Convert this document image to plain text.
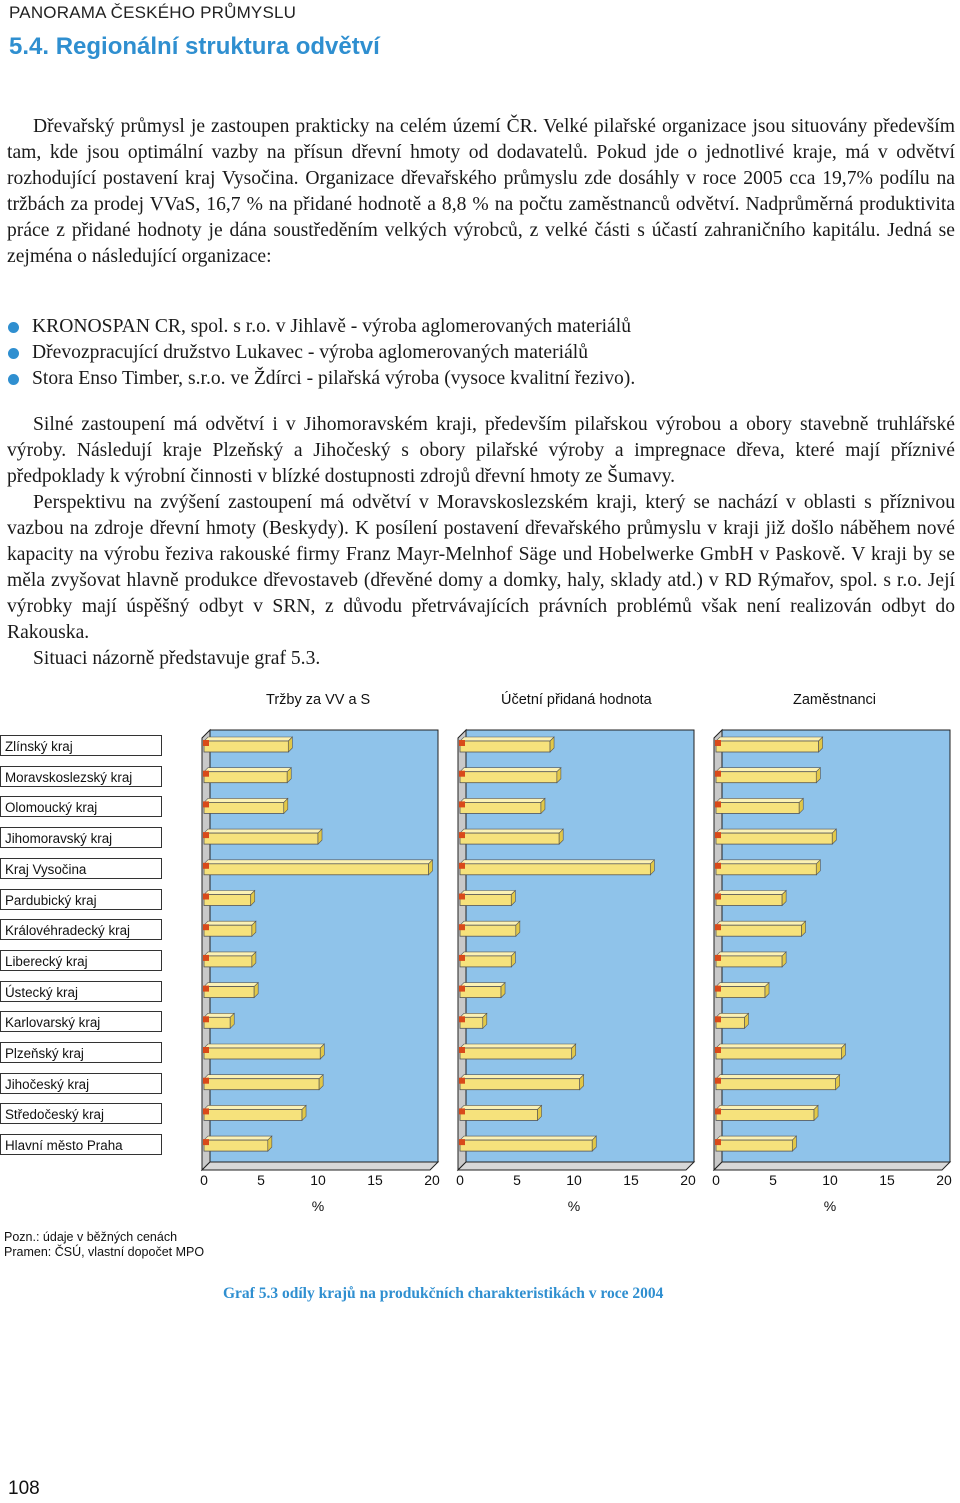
PANORAMA ČESKÉHO PRŮMYSLU
5.4. Regionální struktura odvětví

Dřevařský průmysl je zastoupen prakticky na celém území ČR. Velké pilařské organizace jsou situovány především tam, kde jsou optimální vazby na přísun dřevní hmoty od dodavatelů. Pokud jde o jednotlivé kraje, má v odvětví rozhodující postavení kraj Vysočina. Organizace dřevařského průmyslu zde dosáhly v roce 2005 cca 19,7% podílu na tržbách za prodej VVaS, 16,7 % na přidané hodnotě a 8,8 % na počtu zaměstnanců odvětví. Nadprůměrná produktivita práce z přidané hodnoty je dána soustředěním velkých výrobců, z velké části s účastí zahraničního kapitálu. Jedná se zejména o následující organizace:

KRONOSPAN CR, spol. s r.o. v Jihlavě - výroba aglomerovaných materiálů
Dřevozpracující družstvo Lukavec - výroba aglomerovaných materiálů
Stora Enso Timber, s.r.o. ve Ždírci - pilařská výroba (vysoce kvalitní řezivo).

Silné zastoupení má odvětví i v Jihomoravském kraji, především pilařskou výrobou a obory stavebně truhlářské výroby. Následují kraje Plzeňský a Jihočeský s obory pilařské výroby a impregnace dřeva, které mají příznivé předpoklady k výrobní činnosti v blízké dostupnosti zdrojů dřevní hmoty ze Šumavy.

Perspektivu na zvýšení zastoupení má odvětví v Moravskoslezském kraji, který se nachází v oblasti s příznivou vazbou na zdroje dřevní hmoty (Beskydy). K posílení postavení dřevařského průmyslu v kraji již došlo náběhem nové kapacity na výrobu řeziva rakouské firmy Franz Mayr-Melnhof Säge und Hobelwerke GmbH v Paskově. V kraji by se měla zvyšovat hlavně produkce dřevostaveb (dřevěné domy a domky, haly, sklady atd.) v RD Rýmařov, spol. s r.o. Její výrobky mají úspěšný odbyt v SRN, z důvodu přetrvávajících právních problémů však není realizován odbyt do Rakouska.

Situaci názorně představuje graf 5.3.

Tržby za VV a S	Účetní přidaná hodnota	Zaměstnanci
Zlínský kraj
Moravskoslezský kraj
Olomoucký kraj
Jihomoravský kraj
Kraj Vysočina
Pardubický kraj
Královéhradecký kraj
Liberecký kraj
Ústecký kraj
Karlovarský kraj
Plzeňský kraj
Jihočeský kraj
Středočeský kraj
Hlavní město Praha
0	5	10	15	20
%
0	5	10	15	20
%
0	5	10	15	20
%
Pozn.: údaje v běžných cenách
Pramen: ČSÚ, vlastní dopočet MPO
Graf 5.3 odíly krajů na produkčních charakteristikách v roce 2004
108
